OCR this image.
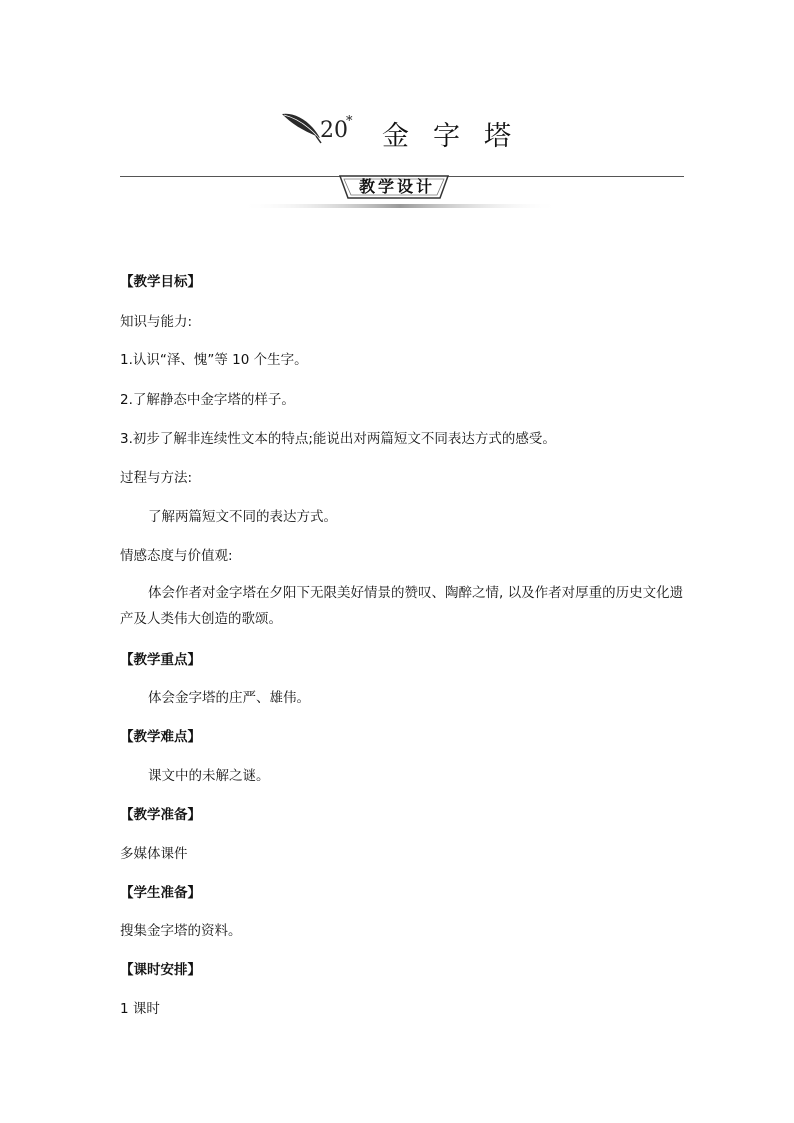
20
* 金字塔
教学设计
【教学目标】
知识与能力:
1.认识“泽、愧”等 10 个生字。
2.了解静态中金字塔的样子。
3.初步了解非连续性文本的特点;能说出对两篇短文不同表达方式的感受。
过程与方法:
了解两篇短文不同的表达方式。
情感态度与价值观:
体会作者对金字塔在夕阳下无限美好情景的赞叹、陶醉之情, 以及作者对厚重的历史文化遗产及人类伟大创造的歌颂。
【教学重点】
体会金字塔的庄严、雄伟。
【教学难点】
课文中的未解之谜。
【教学准备】
多媒体课件
【学生准备】
搜集金字塔的资料。
【课时安排】
1 课时
